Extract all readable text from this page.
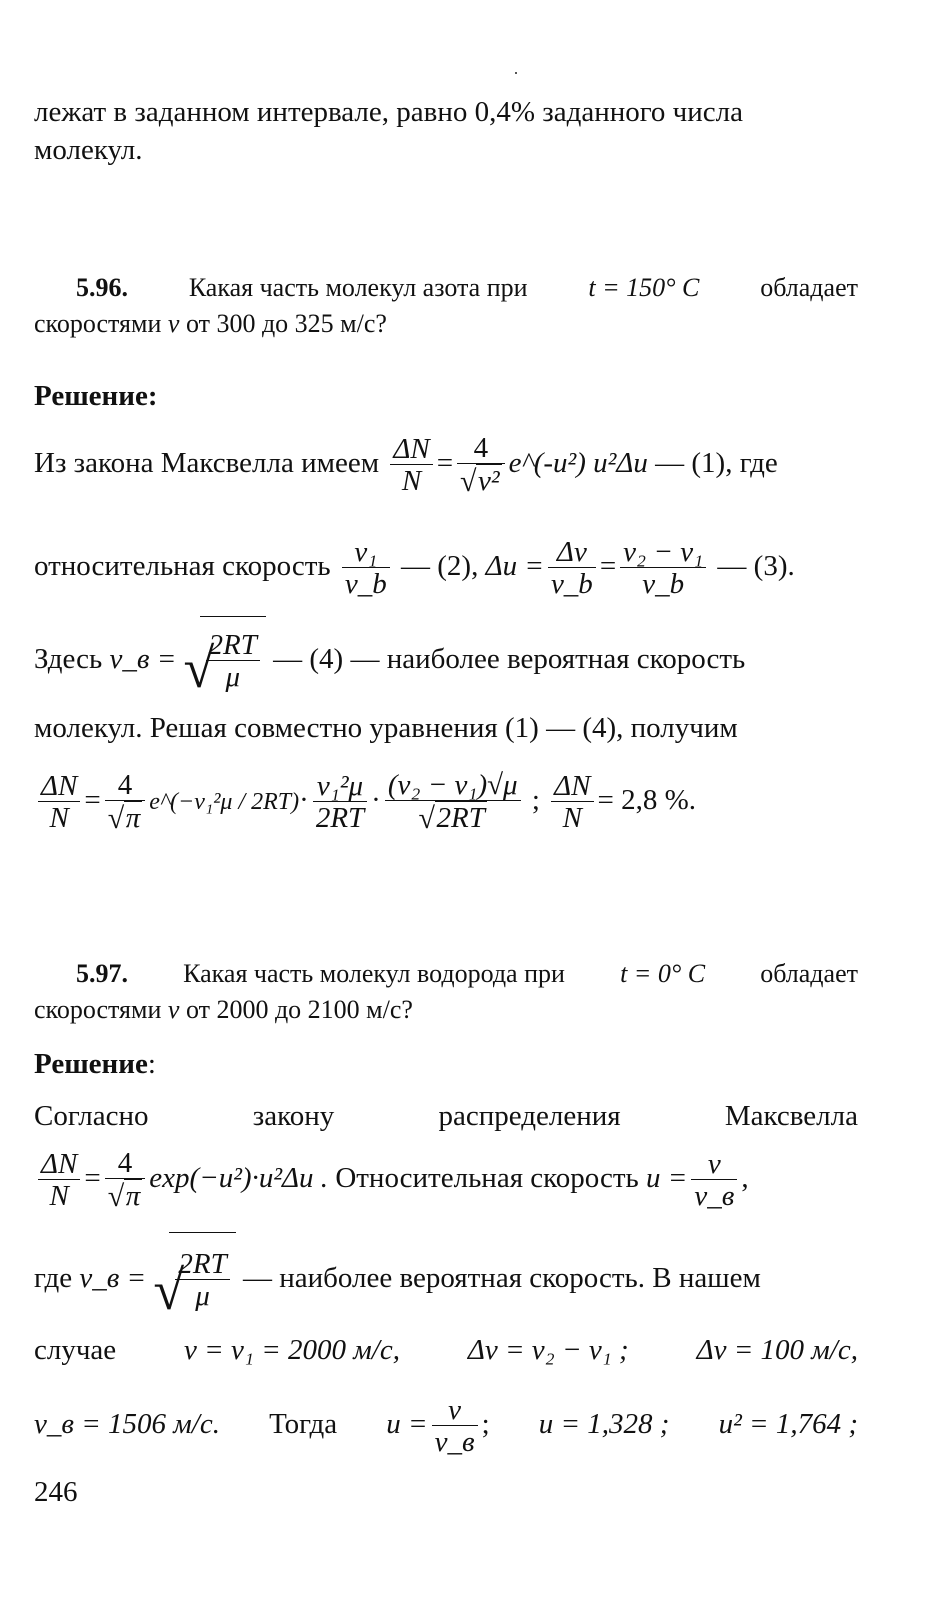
лежат в заданном интервале, равно 0,4% заданного числа
молекул.
5.96. Какая часть молекул азота при t = 150° C обладает
скоростями v от 300 до 325 м/с?
Решение:
Из закона Максвелла имеем $\frac{\Delta N}{N} = \frac{4}{\text{√ v²}}$ e^(-u²) u²Δu — (1), где
относительная скорость $\frac{\text{v₁}}{v\_b}$ — (2), $\Delta u = \frac{\Delta v}{v\_b} = \frac{\text{v₂ − v₁}}{v\_b}$ — (3).
Здесь v_в = √
$\frac{2RT}{\mu}$ — (4) — наиболее вероятная скорость
молекул. Решая совместно уравнения (1) — (4), получим
$\frac{\Delta N}{N} = \frac{4}{√ \pi}$ e^(−v₁²μ / $2RT)\cdot \frac{\text{v₁²μ}}{2RT} \cdot \frac{\text{(v₂ − v₁)√μ}}{√ 2RT}$ ; $\frac{\Delta N}{N} = 2,8$ %.
5.97. Какая часть молекул водорода при t = 0° C обладает
скоростями v от 2000 до 2100 м/с?
Решение:
Согласно	закону	распределения	Максвелла
$\frac{\Delta N}{N} = \frac{4}{√ \pi} \exp(-u^2)\cdot u^2\Delta u$ . Относительная скорость $u = \frac{v}{v\_в}$ ,
где v_в = √
$\frac{2RT}{\mu}$ — наиболее вероятная скорость. В нашем
случае v = v₁ = 2000 м/с, Δv = v₂ − v₁ ; Δv = 100 м/с,
v_в = 1506 м/с. Тогда $u = \frac{v}{v\_в}$ ; u = 1,328 ; u² = 1,764 ;
246
